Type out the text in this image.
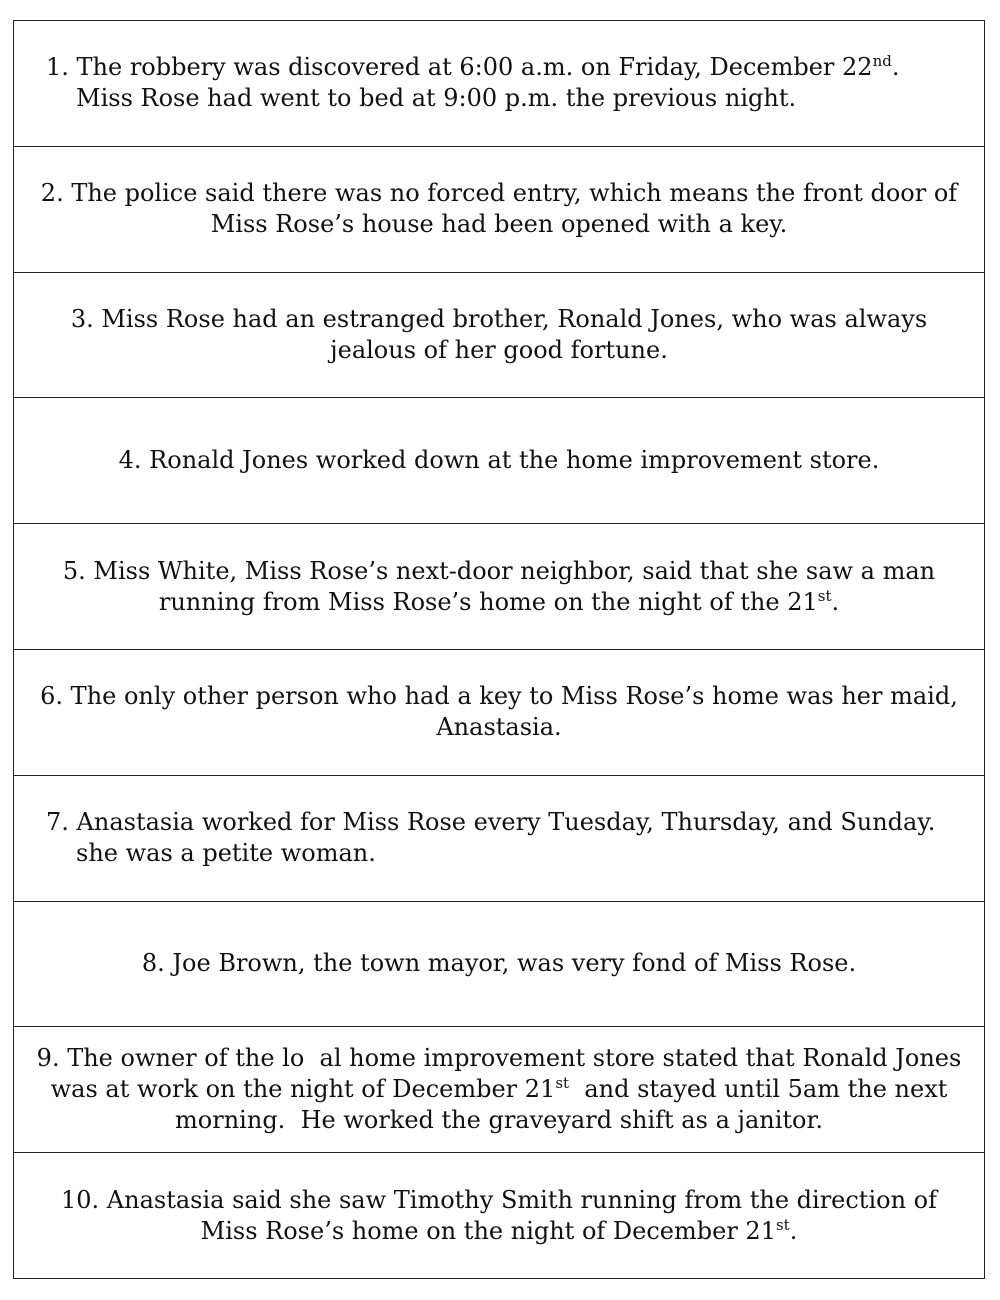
1. The robbery was discovered at 6:00 a.m. on Friday, December 22nd.
Miss Rose had went to bed at 9:00 p.m. the previous night.
2. The police said there was no forced entry, which means the front door of
Miss Rose’s house had been opened with a key.
3. Miss Rose had an estranged brother, Ronald Jones, who was always
jealous of her good fortune.
4. Ronald Jones worked down at the home improvement store.
5. Miss White, Miss Rose’s next-door neighbor, said that she saw a man
running from Miss Rose’s home on the night of the 21st.
6. The only other person who had a key to Miss Rose’s home was her maid,
Anastasia.
7. Anastasia worked for Miss Rose every Tuesday, Thursday, and Sunday.
she was a petite woman.
8. Joe Brown, the town mayor, was very fond of Miss Rose.
9. The owner of the lo  al home improvement store stated that Ronald Jones
was at work on the night of December 21st  and stayed until 5am the next
morning.  He worked the graveyard shift as a janitor.
10. Anastasia said she saw Timothy Smith running from the direction of
Miss Rose’s home on the night of December 21st.
